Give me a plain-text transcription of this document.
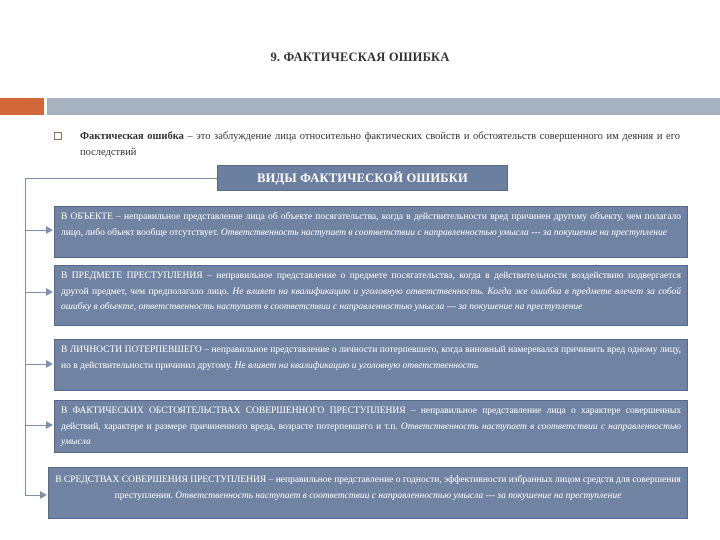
9. ФАКТИЧЕСКАЯ ОШИБКА
Фактическая ошибка – это заблуждение лица относительно фактических свойств и обстоятельств совершенного им деяния и его последствий
ВИДЫ ФАКТИЧЕСКОЙ ОШИБКИ
В ОБЪЕКТЕ – неправильное представление лица об объекте посягательства, когда в действительности вред причинен другому объекту, чем полагало лицо, либо объект вообще отсутствует. Ответственность наступает в соответствии с направленностью умысла --- за покушение на преступление
В ПРЕДМЕТЕ ПРЕСТУПЛЕНИЯ – неправильное представление о предмете посягательства, когда в действительности воздействию подвергается другой предмет, чем предполагало лицо. Не влияет на квалификацию и уголовную ответственность. Когда же ошибка в предмете влечет за собой ошибку в объекте, ответственность наступает в соответствии с направленностью умысла --- за покушение на преступление
В ЛИЧНОСТИ ПОТЕРПЕВШЕГО – неправильное представление о личности потерпевшего, когда виновный намеревался причинить вред одному лицу, но в действительности причинил другому. Не влияет на квалификацию и уголовную ответственность
В ФАКТИЧЕСКИХ ОБСТОЯТЕЛЬСТВАХ СОВЕРШЕННОГО ПРЕСТУПЛЕНИЯ – неправильное представление лица о характере совершенных действий, характере и размере причиненного вреда, возрасте потерпевшего и т.п. Ответственность наступает в соответствии с направленностью умысла
В СРЕДСТВАХ СОВЕРШЕНИЯ ПРЕСТУПЛЕНИЯ – неправильное представление о годности, эффективности избранных лицом средств для совершения преступления. Ответственность наступает в соответствии с направленностью умысла --- за покушение на преступление
